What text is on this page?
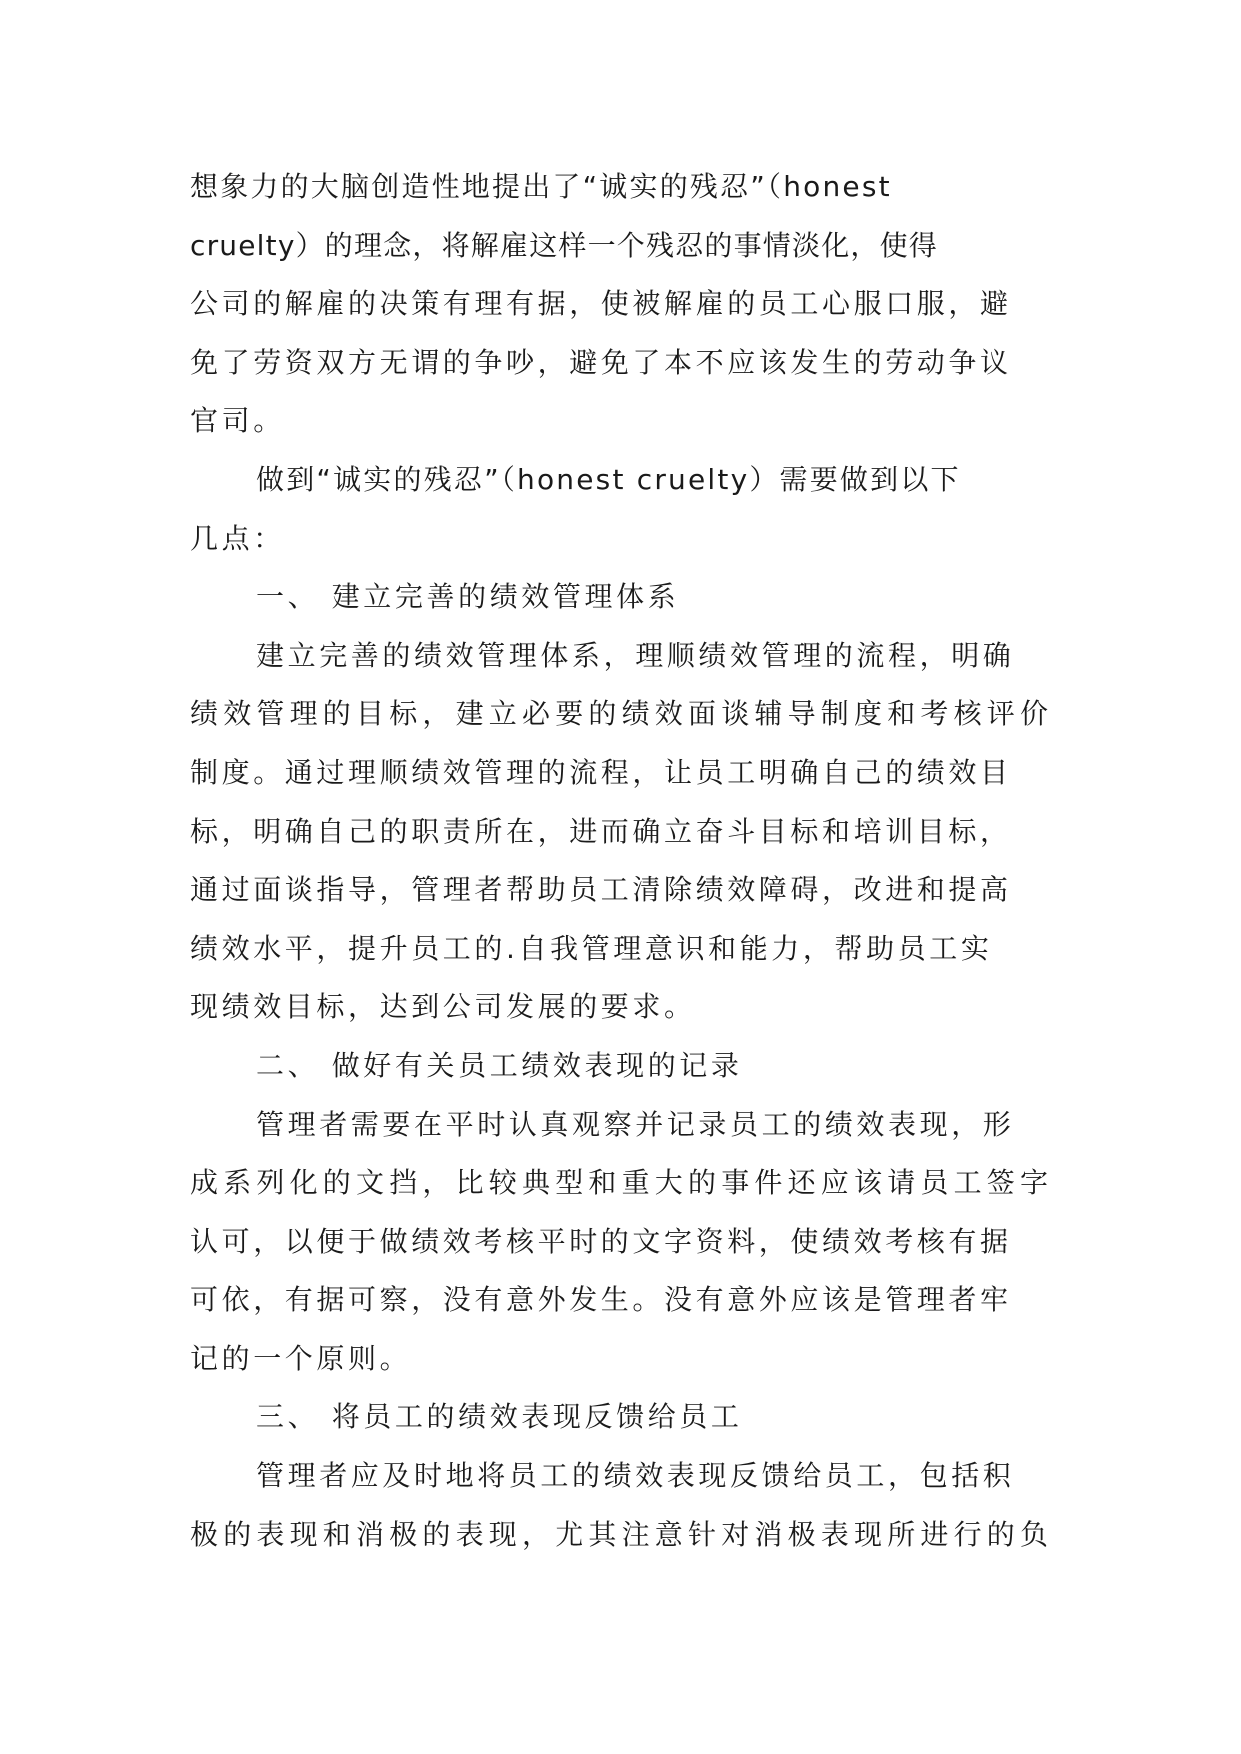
想象力的大脑创造性地提出了“诚实的残忍”（honest
cruelty）的理念，将解雇这样一个残忍的事情淡化，使得
公司的解雇的决策有理有据，使被解雇的员工心服口服，避
免了劳资双方无谓的争吵，避免了本不应该发生的劳动争议
官司。
做到“诚实的残忍”（honest cruelty）需要做到以下
几点：
一、 建立完善的绩效管理体系
建立完善的绩效管理体系，理顺绩效管理的流程，明确
绩效管理的目标，建立必要的绩效面谈辅导制度和考核评价
制度。通过理顺绩效管理的流程，让员工明确自己的绩效目
标，明确自己的职责所在，进而确立奋斗目标和培训目标，
通过面谈指导，管理者帮助员工清除绩效障碍，改进和提高
绩效水平，提升员工的.自我管理意识和能力，帮助员工实
现绩效目标，达到公司发展的要求。
二、 做好有关员工绩效表现的记录
管理者需要在平时认真观察并记录员工的绩效表现，形
成系列化的文挡，比较典型和重大的事件还应该请员工签字
认可，以便于做绩效考核平时的文字资料，使绩效考核有据
可依，有据可察，没有意外发生。没有意外应该是管理者牢
记的一个原则。
三、 将员工的绩效表现反馈给员工
管理者应及时地将员工的绩效表现反馈给员工，包括积
极的表现和消极的表现，尤其注意针对消极表现所进行的负
